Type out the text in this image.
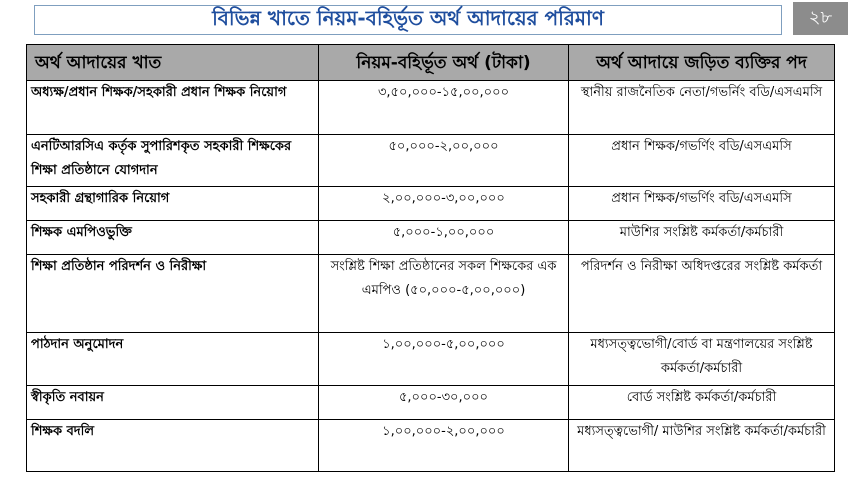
বিভিন্ন খাতে নিয়ম-বহির্ভূত অর্থ আদায়ের পরিমাণ	২৮
অর্থ আদায়ের খাত	নিয়ম-বহির্ভূত অর্থ (টাকা)	অর্থ আদায়ে জড়িত ব্যক্তির পদ
অধ্যক্ষ/প্রধান শিক্ষক/সহকারী প্রধান শিক্ষক নিয়োগ	৩,৫০,০০০-১৫,০০,০০০	স্থানীয় রাজনৈতিক নেতা/গভর্নিং বডি/এসএমসি
এনটিআরসিএ কর্তৃক সুপারিশকৃত সহকারী শিক্ষকের শিক্ষা প্রতিষ্ঠানে যোগদান	৫০,০০০-২,০০,০০০	প্রধান শিক্ষক/গভর্ণিং বডি/এসএমসি
সহকারী গ্রন্থাগারিক নিয়োগ	২,০০,০০০-৩,০০,০০০	প্রধান শিক্ষক/গভর্ণিং বডি/এসএমসি
শিক্ষক এমপিওভুক্তি	৫,০০০-১,০০,০০০	মাউশির সংশ্লিষ্ট কর্মকর্তা/কর্মচারী
শিক্ষা প্রতিষ্ঠান পরিদর্শন ও নিরীক্ষা	সংশ্লিষ্ট শিক্ষা প্রতিষ্ঠানের সকল শিক্ষকের এক এমপিও (৫০,০০০-৫,০০,০০০)	পরিদর্শন ও নিরীক্ষা অধিদপ্তরের সংশ্লিষ্ট কর্মকর্তা
পাঠদান অনুমোদন	১,০০,০০০-৫,০০,০০০	মধ্যসত্ত্বভোগী/বোর্ড বা মন্ত্রণালয়ের সংশ্লিষ্ট কর্মকর্তা/কর্মচারী
স্বীকৃতি নবায়ন	৫,০০০-৩০,০০০	বোর্ড সংশ্লিষ্ট কর্মকর্তা/কর্মচারী
শিক্ষক বদলি	১,০০,০০০-২,০০,০০০	মধ্যসত্ত্বভোগী/ মাউশির সংশ্লিষ্ট কর্মকর্তা/কর্মচারী
